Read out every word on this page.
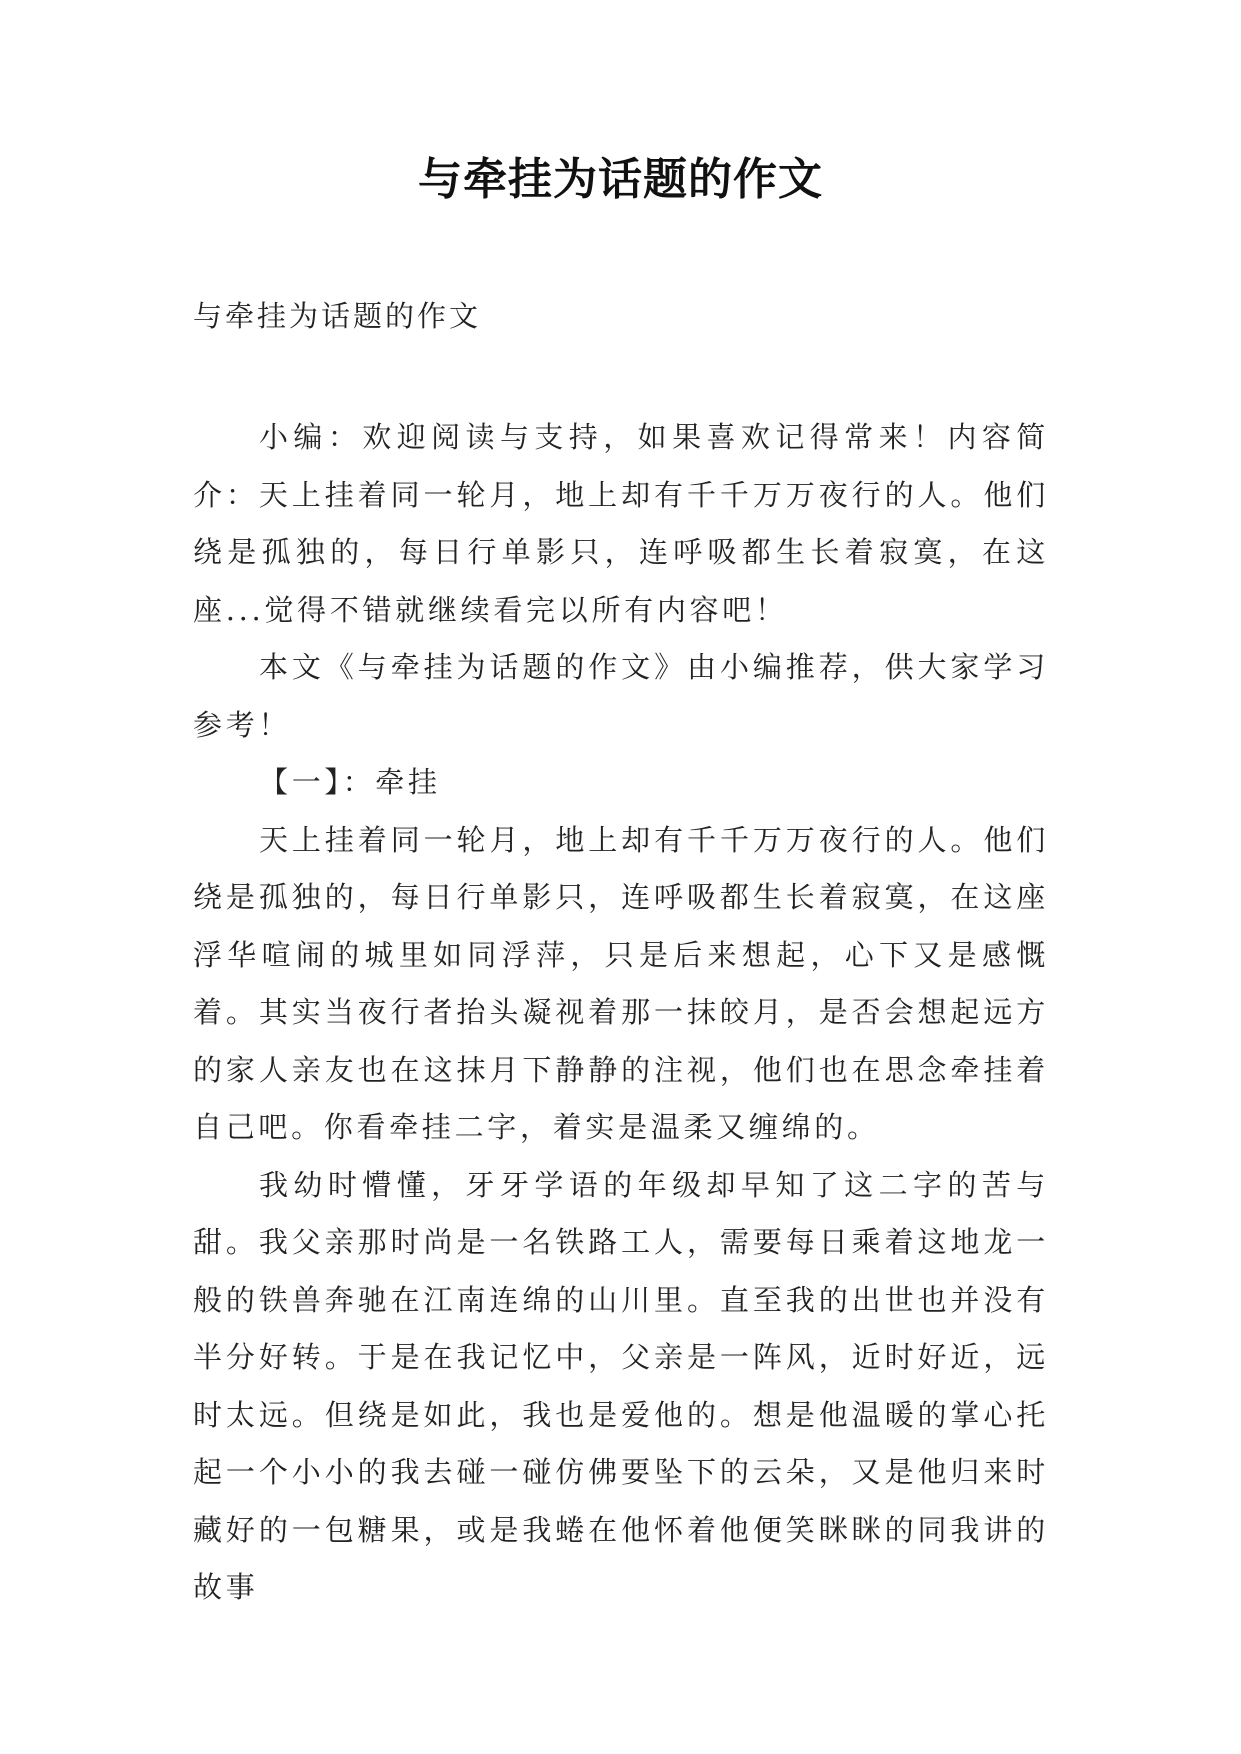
与牵挂为话题的作文
与牵挂为话题的作文

小编：欢迎阅读与支持，如果喜欢记得常来！内容简介：天上挂着同一轮月，地上却有千千万万夜行的人。他们绕是孤独的，每日行单影只，连呼吸都生长着寂寞，在这座...觉得不错就继续看完以所有内容吧！

本文《与牵挂为话题的作文》由小编推荐，供大家学习参考！

【一】：牵挂

天上挂着同一轮月，地上却有千千万万夜行的人。他们绕是孤独的，每日行单影只，连呼吸都生长着寂寞，在这座浮华喧闹的城里如同浮萍，只是后来想起，心下又是感慨着。其实当夜行者抬头凝视着那一抹皎月，是否会想起远方的家人亲友也在这抹月下静静的注视，他们也在思念牵挂着自己吧。你看牵挂二字，着实是温柔又缠绵的。

我幼时懵懂，牙牙学语的年级却早知了这二字的苦与甜。我父亲那时尚是一名铁路工人，需要每日乘着这地龙一般的铁兽奔驰在江南连绵的山川里。直至我的出世也并没有半分好转。于是在我记忆中，父亲是一阵风，近时好近，远时太远。但绕是如此，我也是爱他的。想是他温暖的掌心托起一个小小的我去碰一碰仿佛要坠下的云朵，又是他归来时藏好的一包糖果，或是我蜷在他怀着他便笑眯眯的同我讲的故事
